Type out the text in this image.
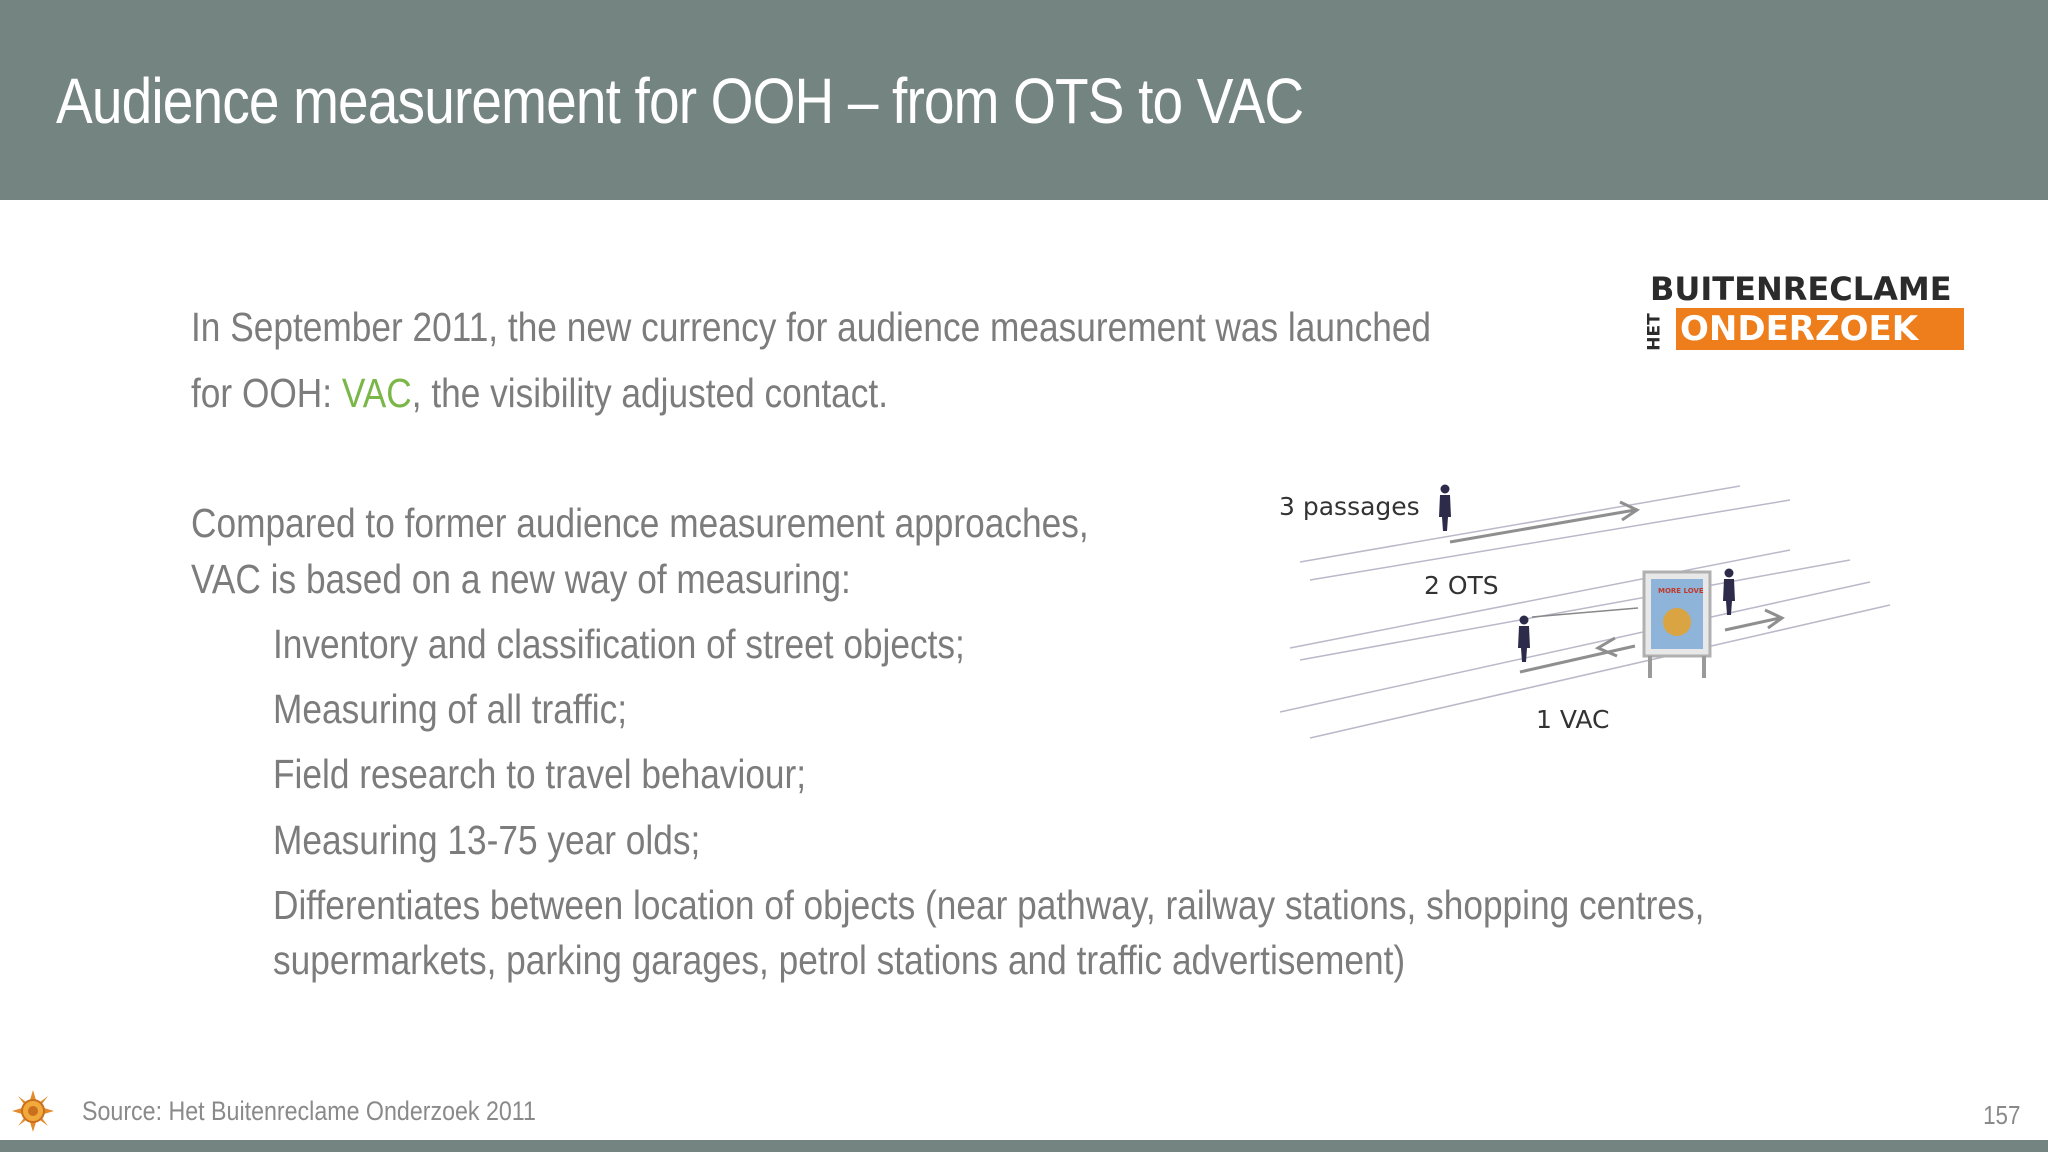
Audience measurement for OOH – from OTS to VAC
BUITENRECLAME
HET ONDERZOEK
In September 2011, the new currency for audience measurement was launched
for OOH: VAC, the visibility adjusted contact.
Compared to former audience measurement approaches,
VAC is based on a new way of measuring:
Inventory and classification of street objects;
Measuring of all traffic;
Field research to travel behaviour;
Measuring 13-75 year olds;
Differentiates between location of objects (near pathway, railway stations, shopping centres,
supermarkets, parking garages, petrol stations and traffic advertisement)
3 passages
2 OTS
1 VAC
MORE LOVE
Source: Het Buitenreclame Onderzoek 2011	157
